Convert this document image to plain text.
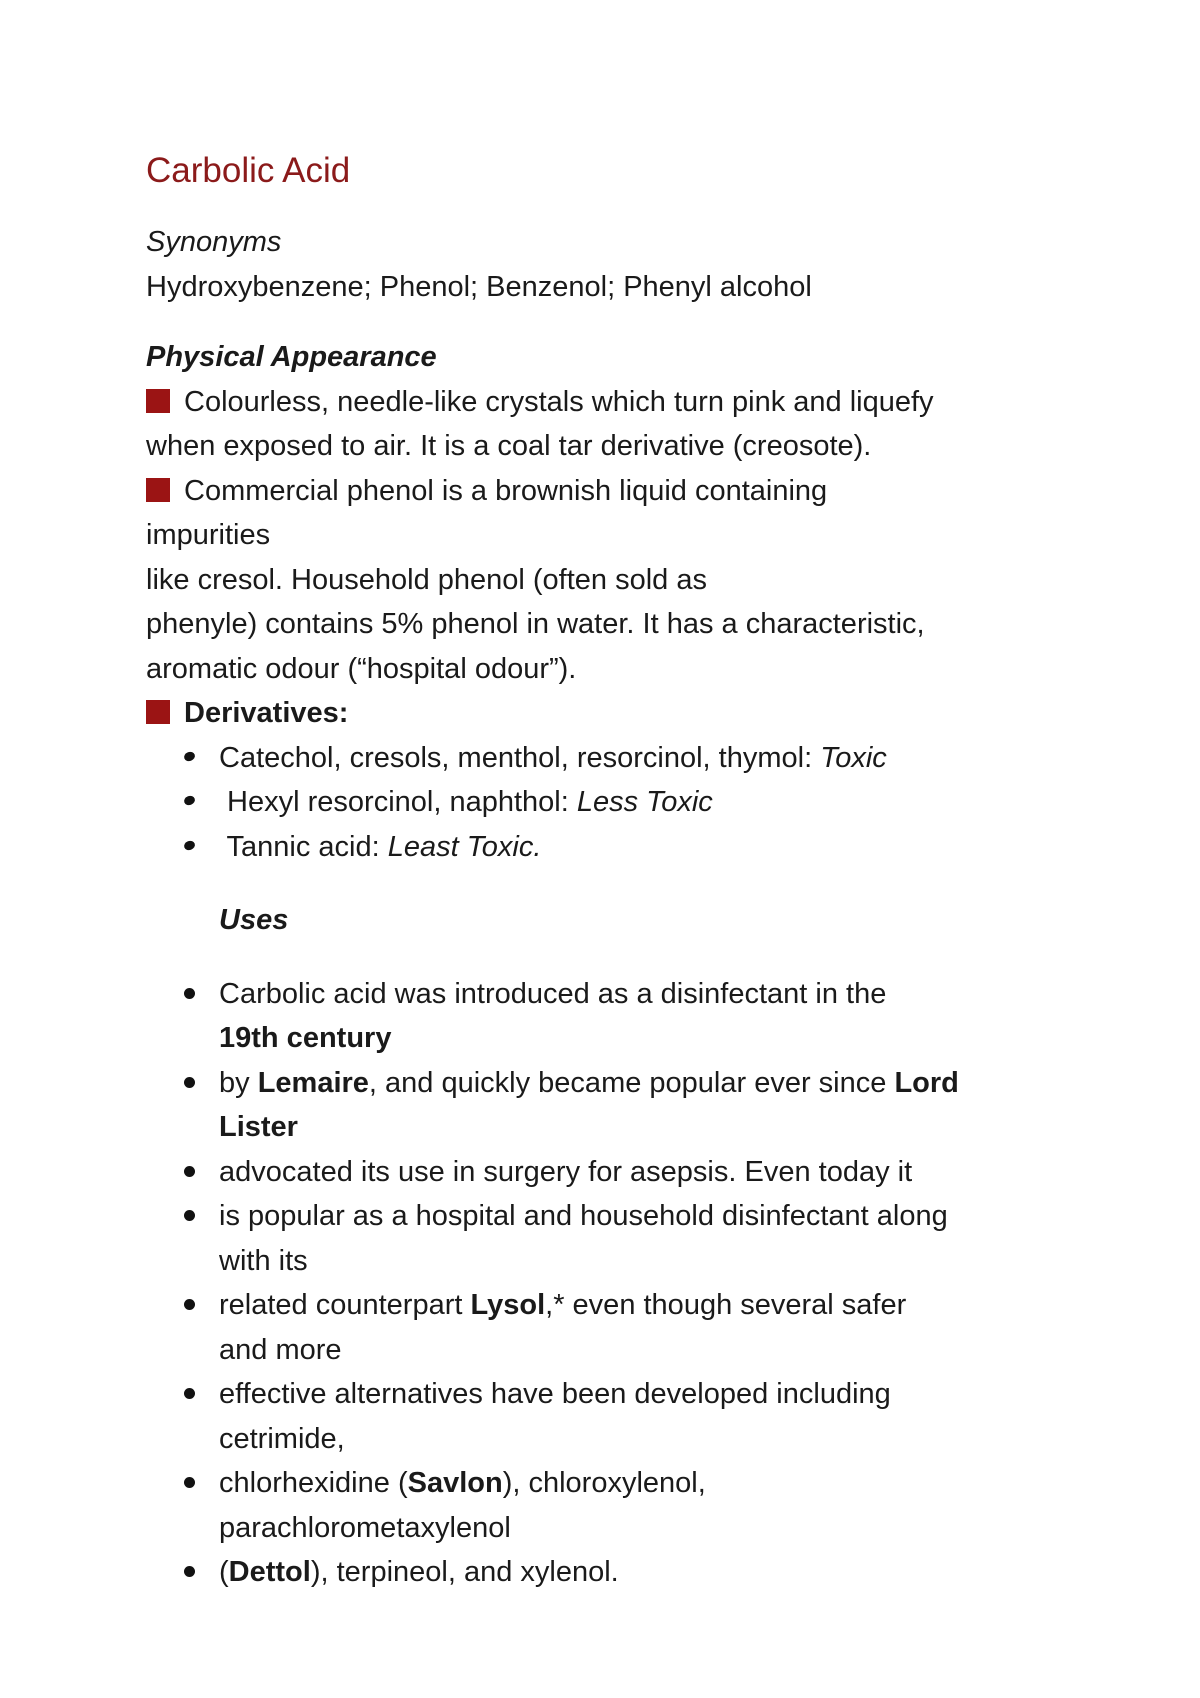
Carbolic Acid

Synonyms

Hydroxybenzene; Phenol; Benzenol; Phenyl alcohol

Physical Appearance

Colourless, needle-like crystals which turn pink and liquefy

when exposed to air. It is a coal tar derivative (creosote).

Commercial phenol is a brownish liquid containing

impurities

like cresol. Household phenol (often sold as

phenyle) contains 5% phenol in water. It has a characteristic,

aromatic odour (“hospital odour”).

Derivatives:

Catechol, cresols, menthol, resorcinol, thymol: Toxic
Hexyl resorcinol, naphthol: Less Toxic
Tannic acid: Least Toxic.

Uses

Carbolic acid was introduced as a disinfectant in the
19th century
by Lemaire, and quickly became popular ever since Lord
Lister
advocated its use in surgery for asepsis. Even today it
is popular as a hospital and household disinfectant along
with its
related counterpart Lysol,* even though several safer
and more
effective alternatives have been developed including
cetrimide,
chlorhexidine (Savlon), chloroxylenol,
parachlorometaxylenol
(Dettol), terpineol, and xylenol.
